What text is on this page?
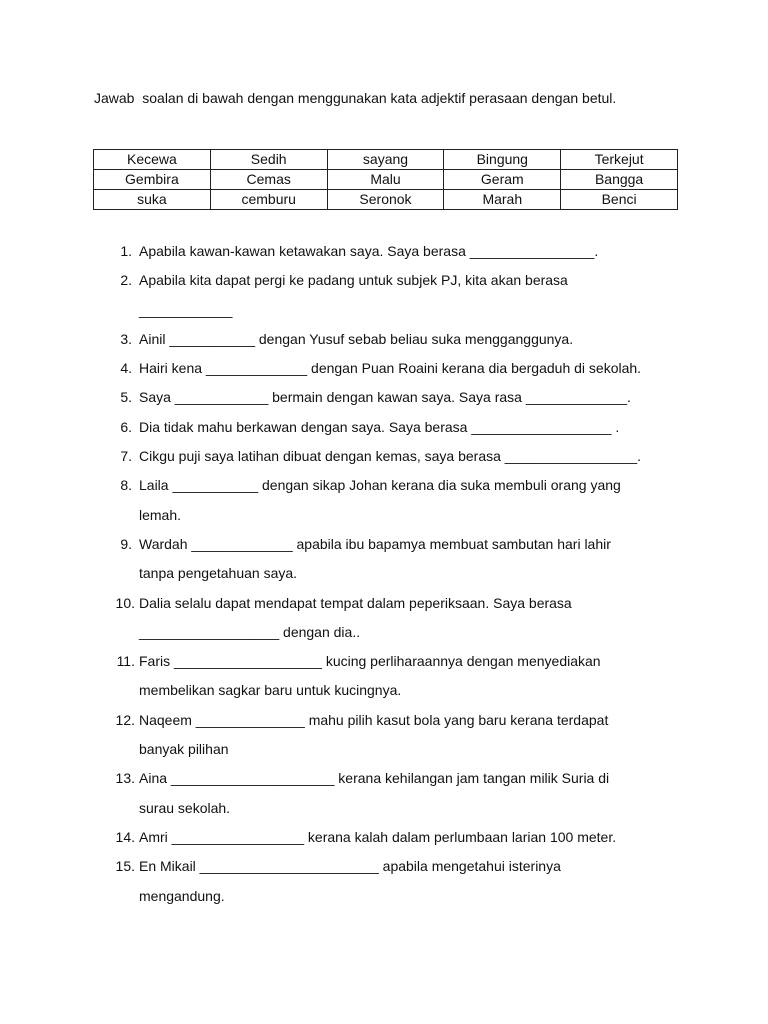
Jawab  soalan di bawah dengan menggunakan kata adjektif perasaan dengan betul.
Kecewa	Sedih	sayang	Bingung	Terkejut
Gembira	Cemas	Malu	Geram	Bangga
suka	cemburu	Seronok	Marah	Benci
1. Apabila kawan-kawan ketawakan saya. Saya berasa ________________.
2. Apabila kita dapat pergi ke padang untuk subjek PJ, kita akan berasa
____________
3. Ainil ___________ dengan Yusuf sebab beliau suka mengganggunya.
4. Hairi kena _____________ dengan Puan Roaini kerana dia bergaduh di sekolah.
5. Saya ____________ bermain dengan kawan saya. Saya rasa _____________.
6. Dia tidak mahu berkawan dengan saya. Saya berasa __________________ .
7. Cikgu puji saya latihan dibuat dengan kemas, saya berasa _________________.
8. Laila ___________ dengan sikap Johan kerana dia suka membuli orang yang
lemah.
9. Wardah _____________ apabila ibu bapamya membuat sambutan hari lahir
tanpa pengetahuan saya.
10. Dalia selalu dapat mendapat tempat dalam peperiksaan. Saya berasa
__________________ dengan dia..
11. Faris ___________________ kucing perliharaannya dengan menyediakan
membelikan sagkar baru untuk kucingnya.
12. Naqeem ______________ mahu pilih kasut bola yang baru kerana terdapat
banyak pilihan
13. Aina _____________________ kerana kehilangan jam tangan milik Suria di
surau sekolah.
14. Amri _________________ kerana kalah dalam perlumbaan larian 100 meter.
15. En Mikail _______________________ apabila mengetahui isterinya
mengandung.
